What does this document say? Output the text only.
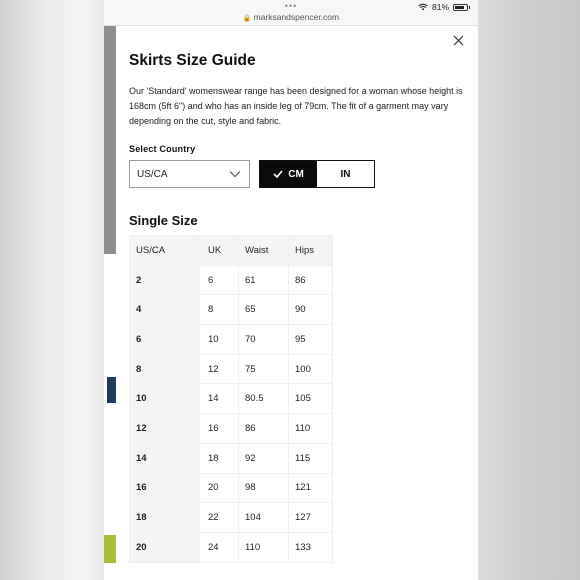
•••
🔒 marksandspencer.com
81%
Skirts Size Guide
Our 'Standard' womenswear range has been designed for a woman whose height is 168cm (5ft 6") and who has an inside leg of 79cm. The fit of a garment may vary depending on the cut, style and fabric.
Select Country
US/CA	CM	IN
Single Size
US/CA	UK	Waist	Hips
2	6	61	86
4	8	65	90
6	10	70	95
8	12	75	100
10	14	80.5	105
12	16	86	110
14	18	92	115
16	20	98	121
18	22	104	127
20	24	110	133
